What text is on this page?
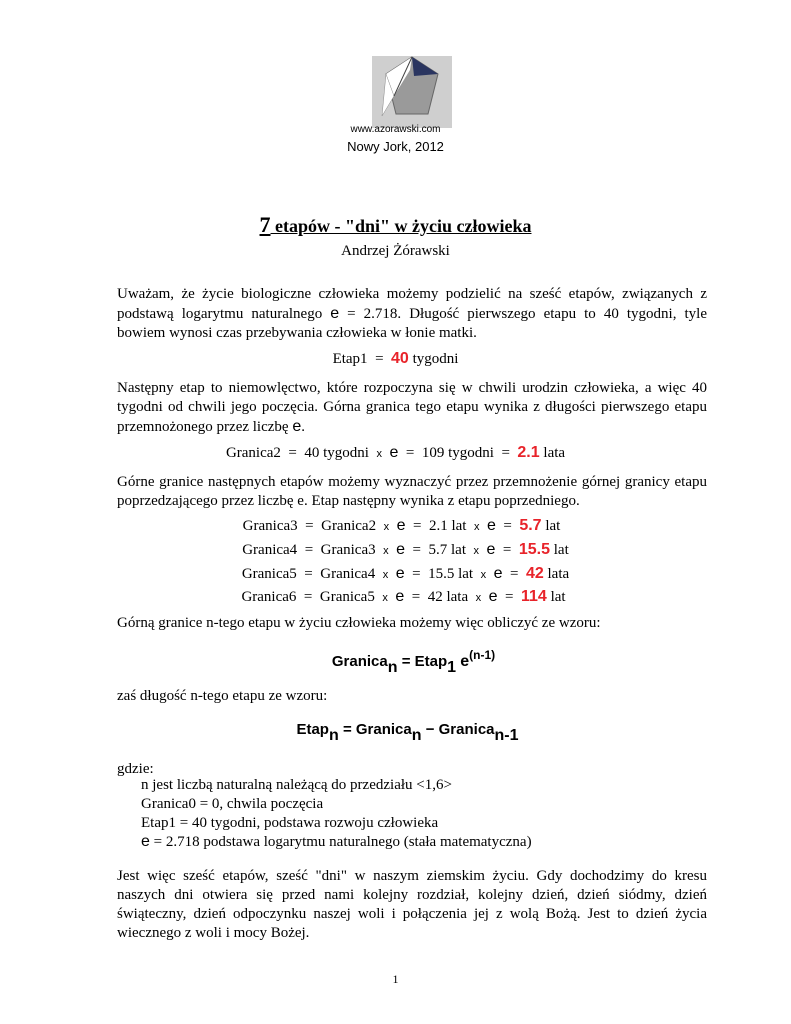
www.azorawski.com
Nowy Jork, 2012
7 etapów - "dni" w życiu człowieka
Andrzej Żórawski
Uważam, że życie biologiczne człowieka możemy podzielić na sześć etapów, związanych z podstawą logarytmu naturalnego e = 2.718. Długość pierwszego etapu to 40 tygodni, tyle bowiem wynosi czas przebywania człowieka w łonie matki.
Etap1 = 40 tygodni
Następny etap to niemowlęctwo, które rozpoczyna się w chwili urodzin człowieka, a więc 40 tygodni od chwili jego poczęcia. Górna granica tego etapu wynika z długości pierwszego etapu przemnożonego przez liczbę e.
Granica2 = 40 tygodni x e = 109 tygodni = 2.1 lata
Górne granice następnych etapów możemy wyznaczyć przez przemnożenie górnej granicy etapu poprzedzającego przez liczbę e. Etap następny wynika z etapu poprzedniego.
Granica3  =  Granica2 x e  =  2.1 lat x e  =  5.7 lat
Granica4  =  Granica3 x e  =  5.7 lat x e  =  15.5 lat
Granica5  =  Granica4 x e  =  15.5 lat x e  =  42 lata
Granica6  =  Granica5 x e  =  42 lata x e  =  114 lat
Górną granice n-tego etapu w życiu człowieka możemy więc obliczyć ze wzoru:
Granica$_n$ = Etap$_1$ $e^{(n-1)}$
zaś długość n-tego etapu ze wzoru:
Etap$_n$ = Granica$_n$ − Granica$_{n-1}$
gdzie:
n jest liczbą naturalną należącą do przedziału <1,6>
Granica0 = 0, chwila poczęcia
Etap1 = 40 tygodni, podstawa rozwoju człowieka
e = 2.718 podstawa logarytmu naturalnego (stała matematyczna)
Jest więc sześć etapów, sześć "dni" w naszym ziemskim życiu. Gdy dochodzimy do kresu naszych dni otwiera się przed nami kolejny rozdział, kolejny dzień, dzień siódmy, dzień świąteczny, dzień odpoczynku naszej woli i połączenia jej z wolą Bożą. Jest to dzień życia wiecznego z woli i mocy Bożej.
1
